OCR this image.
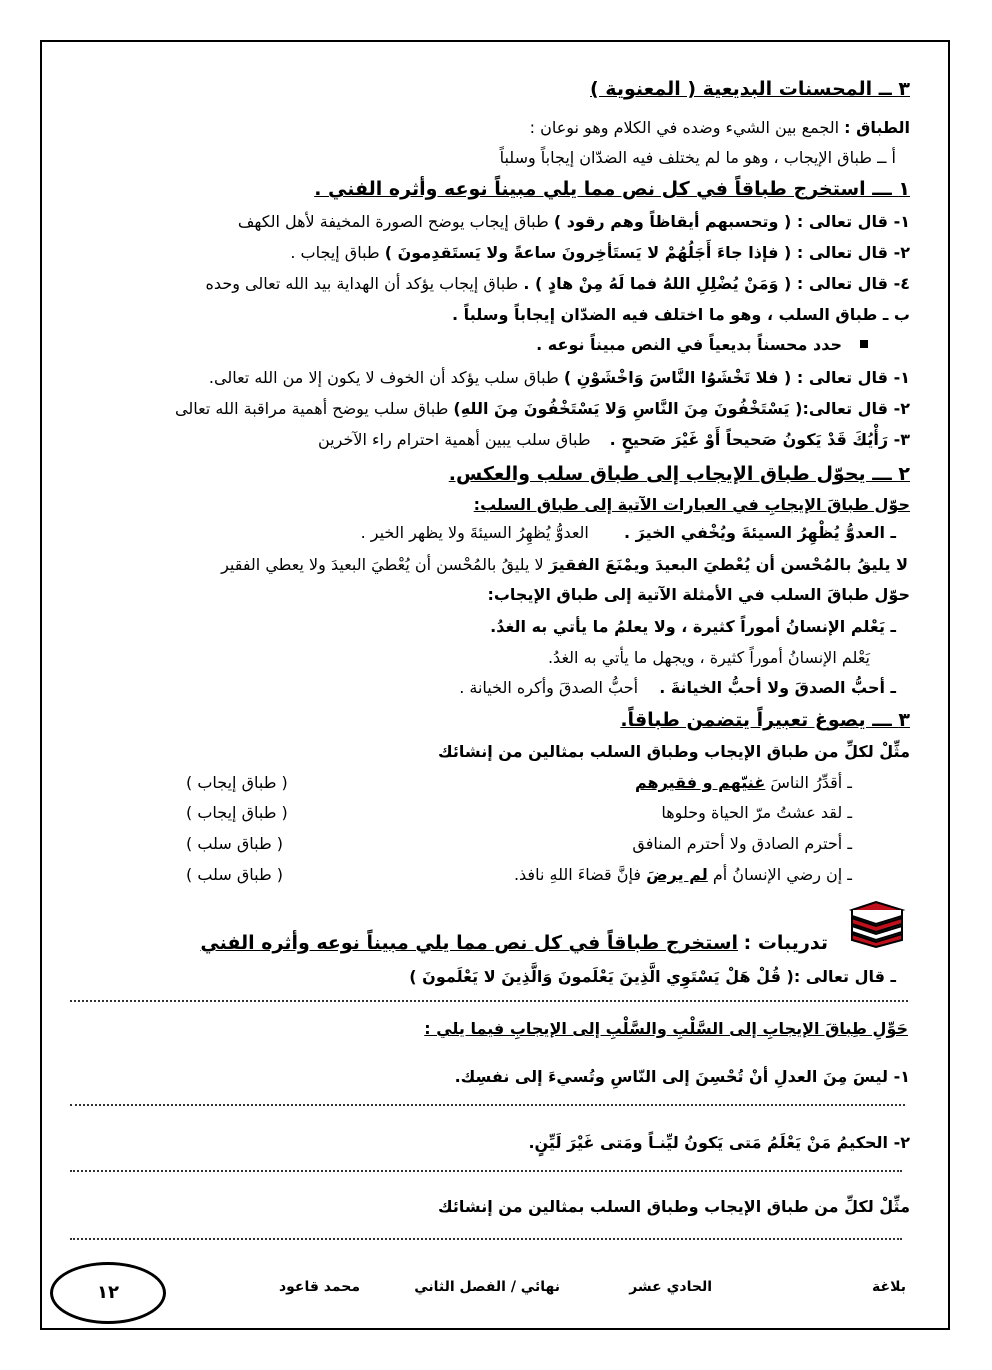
٣ ــ المحسنات البديعية ( المعنوية )
الطباق : الجمع بين الشيء وضده في الكلام وهو نوعان :
أ ــ طباق الإيجاب ، وهو ما لم يختلف فيه الضدّان إيجاباً وسلباً
١ ـــ استخرج طباقاً في كل نص مما يلي مبيناً نوعه وأثره الفني .
١- قال تعالى : ( وتحسبهم أيقاظاً وهم رقود ) طباق إيجاب يوضح الصورة المخيفة لأهل الكهف
٢- قال تعالى : ( فإذا جاءَ أَجَلُهُمْ لا يَستَأخِرونَ ساعةً ولا يَستَقدِمونَ ) طباق إيجاب .
٤- قال تعالى : ( وَمَنْ يُضْلِلِ اللهُ فما لَهُ مِنْ هادٍ ) . طباق إيجاب يؤكد أن الهداية بيد الله تعالى وحده
ب ـ طباق السلب ، وهو ما اختلف فيه الضدّان إيجاباً وسلباً .
حدد محسناً بديعياً في النص مبيناً نوعه .
١- قال تعالى : ( فلا تَخْشَوُا النَّاسَ وَاخْشَوْنِ ) طباق سلب يؤكد أن الخوف لا يكون إلا من الله تعالى.
٢- قال تعالى:( يَسْتَخْفُونَ مِنَ النَّاسِ وَلا يَسْتَخْفُونَ مِنَ اللهِ) طباق سلب يوضح أهمية مراقبة الله تعالى
٣- رَأْيُكَ قَدْ يَكونُ صَحيحاً أَوْ غَيْرَ صَحيحٍ . طباق سلب يبين أهمية احترام راء الآخرين
٢ ـــ يحوّل طباق الإيجاب إلى طباق سلب والعكس.
حوّل طباقَ الإيجابِ في العبارات الآتية إلى طباق السلب:
ـ العدوُّ يُظْهِرُ السيئةَ ويُخْفي الخيرَ . العدوُّ يُظهِرُ السيئةَ ولا يظهر الخير .
لا يليقُ بالمُحْسن أن يُعْطيَ البعيدَ ويمْنَعَ الفقيرَ لا يليقُ بالمُحْسن أن يُعْطيَ البعيدَ ولا يعطي الفقير
حوّل طباقَ السلب في الأمثلة الآتية إلى طباق الإيجاب:
ـ يَعْلم الإنسانُ أموراً كثيرة ، ولا يعلمُ ما يأتي به الغدُ.
يَعْلم الإنسانُ أموراً كثيرة ، ويجهل ما يأتي به الغدُ.
ـ أحبُّ الصدقَ ولا أحبُّ الخيانةَ . أحبُّ الصدقَ وأكره الخيانة .
٣ ـــ يصوغ تعبيراً يتضمن طباقاً.
مثِّلْ لكلِّ من طباق الإيجاب وطباق السلب بمثالين من إنشائك
ـ أقدِّرُ الناسَ غنيّهم و فقيرهم
( طباق إيجاب )
ـ لقد عشتُ مرّ الحياة وحلوها
( طباق إيجاب )
ـ أحترم الصادق ولا أحترم المنافق
( طباق سلب )
ـ إن رضي الإنسانُ أم لم يرضَ فإنَّ قضاءَ اللهِ نافذ.
( طباق سلب )
تدريبات : استخرج طباقاً في كل نص مما يلي مبيناً نوعه وأثره الفني
ـ قال تعالى :( قُلْ هَلْ يَسْتَوِي الَّذِينَ يَعْلَمونَ وَالَّذِينَ لا يَعْلَمونَ )
حَوِّلِ طِباقَ الإيجابِ إلى السَّلْبِ والسَّلْبِ إلى الإيجابِ فيما يلي :
١- ليسَ مِنَ العدلِ أنْ تُحْسِنَ إلى النّاسِ وتُسيءَ إلى نفسِك.
٢- الحكيمُ مَنْ يَعْلَمُ مَتى يَكونُ ليِّنـاً ومَتى غَيْرَ لَيِّنٍ.
مثِّلْ لكلِّ من طباق الإيجاب وطباق السلب بمثالين من إنشائك
بلاغة
الحادي عشر
نهائي / الفصل الثاني
محمد قاعود
١٢
